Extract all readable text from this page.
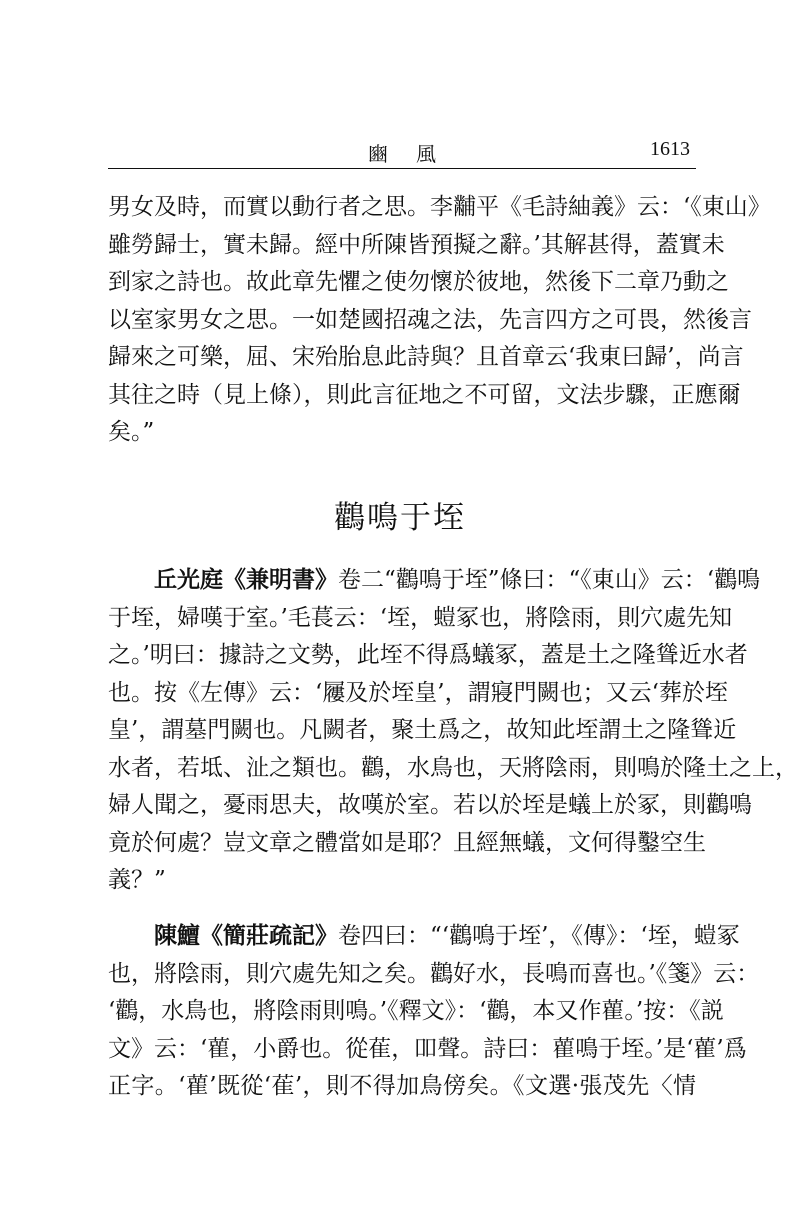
豳風	1613
男女及時，而實以動行者之思。李黼平《毛詩紬義》云：‘《東山》
雖勞歸士，實未歸。經中所陳皆預擬之辭。’其解甚得，蓋實未
到家之詩也。故此章先懼之使勿懷於彼地，然後下二章乃動之
以室家男女之思。一如楚國招魂之法，先言四方之可畏，然後言
歸來之可樂，屈、宋殆胎息此詩與？且首章云‘我東曰歸’，尚言
其往之時（見上條），則此言征地之不可留，文法步驟，正應爾
矣。”
鸛鳴于垤
丘光庭《兼明書》卷二“鸛鳴于垤”條曰：“《東山》云：‘鸛鳴
于垤，婦嘆于室。’毛萇云：‘垤，螘冢也，將陰雨，則穴處先知
之。’明曰：據詩之文勢，此垤不得爲蟻冢，蓋是土之隆聳近水者
也。按《左傳》云：‘屨及於垤皇’，謂寢門闕也；又云‘葬於垤
皇’，謂墓門闕也。凡闕者，聚土爲之，故知此垤謂土之隆聳近
水者，若坻、沚之類也。鸛，水鳥也，天將陰雨，則鳴於隆土之上，
婦人聞之，憂雨思夫，故嘆於室。若以於垤是蟻上於冢，則鸛鳴
竟於何處？豈文章之體當如是耶？且經無蟻，文何得鑿空生
義？”
陳鱣《簡莊疏記》卷四曰：“‘鸛鳴于垤’，《傳》：‘垤，螘冢
也，將陰雨，則穴處先知之矣。鸛好水，長鳴而喜也。’《箋》云：
‘鸛，水鳥也，將陰雨則鳴。’《釋文》：‘鸛，本又作雚。’按：《説
文》云：‘雚，小爵也。從萑，吅聲。詩曰：雚鳴于垤。’是‘雚’爲
正字。‘雚’既從‘萑’，則不得加鳥傍矣。《文選·張茂先〈情
